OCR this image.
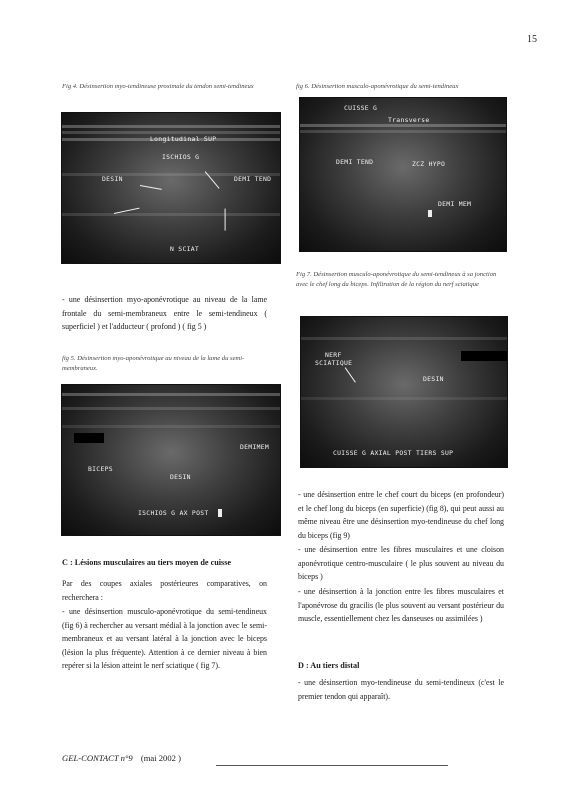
15
Fig 4. Désinsertion myo-tendineuse proximale du tendon semi-tendineux
Longitudinal SUP
ISCHIOS G
DESIN	DEMI TEND
N SCIAT
- une désinsertion myo-aponévrotique au niveau de la lame frontale du semi-membraneux entre le semi-tendineux ( superficiel ) et l'adducteur ( profond ) ( fig 5 )
fig 5. Désinsertion myo-aponévrotique au niveau de la lame du semi-membraneux.
DEMIMEM
BICEPS
DESIN
ISCHIOS G AX POST
C : Lésions musculaires au tiers moyen de cuisse
Par des coupes axiales postérieures comparatives, on recherchera :
- une désinsertion musculo-aponévrotique du semi-tendineux (fig 6) à rechercher au versant médial à la jonction avec le semi-membraneux et au versant latéral à la jonction avec le biceps (lésion la plus fréquente). Attention à ce dernier niveau à bien repérer si la lésion atteint le nerf sciatique ( fig 7).
fig 6. Désinsertion musculo-aponévrotique du semi-tendineux
CUISSE G
Transverse
DEMI TEND	ZCZ HYPO
DEMI MEM
Fig 7. Désinsertion musculo-aponévrotique du semi-tendineux à sa jonction avec le chef long du biceps. Infiltration de la région du nerf sciatique
NERF
SCIATIQUE
DESIN
CUISSE G AXIAL POST TIERS SUP
- une désinsertion entre le chef court du biceps (en profondeur) et le chef long du biceps (en superficie) (fig 8), qui peut aussi au même niveau être une désinsertion myo-tendineuse du chef long du biceps (fig 9)
- une désinsertion entre les fibres musculaires et une cloison aponévrotique centro-musculaire ( le plus souvent au niveau du biceps )
- une désinsertion à la jonction entre les fibres musculaires et l'aponévrose du gracilis (le plus souvent au versant postérieur du muscle, essentiellement chez les danseuses ou assimilées )
D : Au tiers distal
- une désinsertion myo-tendineuse du semi-tendineux (c'est le premier tendon qui apparaît).
GEL-CONTACT n°9 (mai 2002 )
